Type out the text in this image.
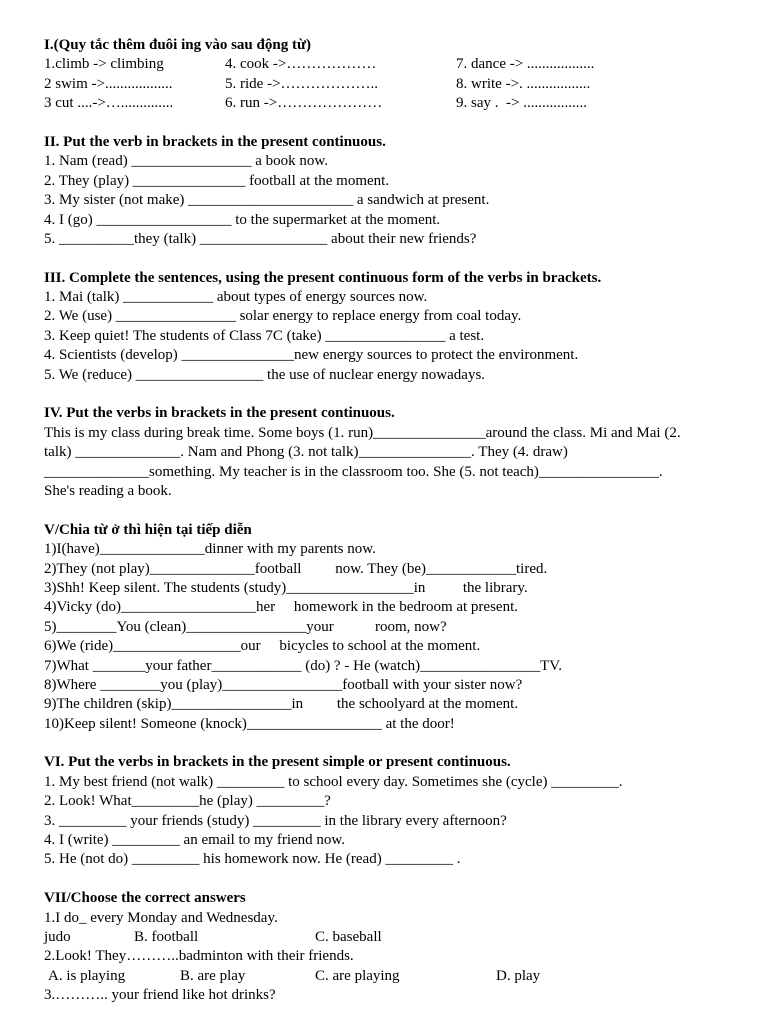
I.(Quy tắc thêm đuôi ing vào sau động từ)
1.climb -> climbing	4. cook ->………………	7. dance -> ..................
2 swim ->..................	5. ride ->………………..	8. write ->. .................
3 cut ....->…..............	6. run ->…………………	9. say .  -> .................
II. Put the verb in brackets in the present continuous.
1. Nam (read) ________________ a book now.
2. They (play) _______________ football at the moment.
3. My sister (not make) ______________________ a sandwich at present.
4. I (go) __________________ to the supermarket at the moment.
5. __________they (talk) _________________ about their new friends?
III. Complete the sentences, using the present continuous form of the verbs in brackets.
1. Mai (talk) ____________ about types of energy sources now.
2. We (use) ________________ solar energy to replace energy from coal today.
3. Keep quiet! The students of Class 7C (take) ________________ a test.
4. Scientists (develop) _______________new energy sources to protect the environment.
5. We (reduce) _________________ the use of nuclear energy nowadays.
IV. Put the verbs in brackets in the present continuous.
This is my class during break time. Some boys (1. run)_______________around the class. Mi and Mai (2.
talk) ______________. Nam and Phong (3. not talk)_______________. They (4. draw)
______________something. My teacher is in the classroom too. She (5. not teach)________________.
She's reading a book.
V/Chia từ ở thì hiện tại tiếp diễn
1)I(have)______________dinner with my parents now.
2)They (not play)______________football         now. They (be)____________tired.
3)Shh! Keep silent. The students (study)_________________in          the library.
4)Vicky (do)__________________her     homework in the bedroom at present.
5)________You (clean)________________your           room, now?
6)We (ride)_________________our     bicycles to school at the moment.
7)What _______your father____________ (do) ? - He (watch)________________TV.
8)Where ________you (play)________________football with your sister now?
9)The children (skip)________________in         the schoolyard at the moment.
10)Keep silent! Someone (knock)__________________ at the door!
VI. Put the verbs in brackets in the present simple or present continuous.
1. My best friend (not walk) _________ to school every day. Sometimes she (cycle) _________.
2. Look! What_________he (play) _________?
3. _________ your friends (study) _________ in the library every afternoon?
4. I (write) _________ an email to my friend now.
5. He (not do) _________ his homework now. He (read) _________ .
VII/Choose the correct answers
1.I do_ every Monday and Wednesday.
judo	B. football	C. baseball
2.Look! They………..badminton with their friends.
A. is playing	B. are play	C. are playing	D. play
3.……….. your friend like hot drinks?
